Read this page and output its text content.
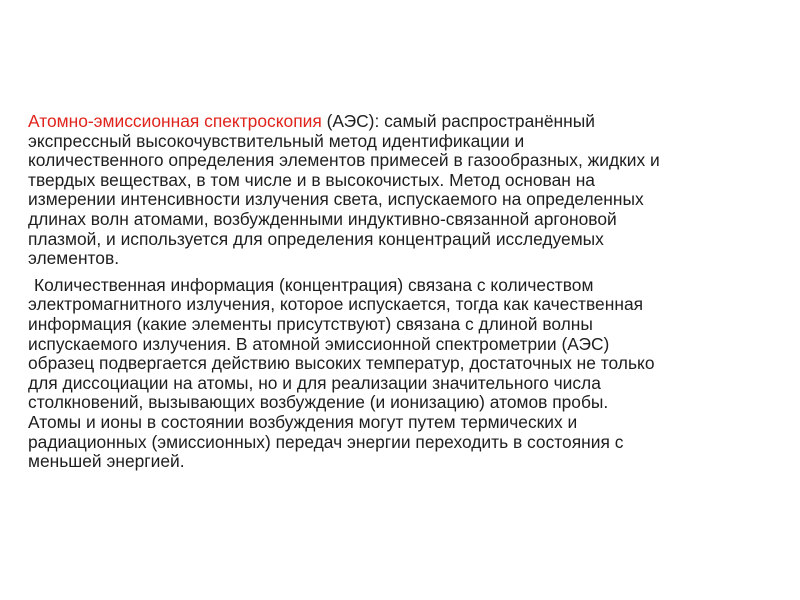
Атомно-эмиссионная спектроскопия (АЭС): самый распространённый
экспрессный высокочувствительный метод идентификации и
количественного определения элементов примесей в газообразных, жидких и
твердых веществах, в том числе и в высокочистых. Метод основан на
измерении интенсивности излучения света, испускаемого на определенных
длинах волн атомами, возбужденными индуктивно-связанной аргоновой
плазмой, и используется для определения концентраций исследуемых
элементов.

Количественная информация (концентрация) связана с количеством
электромагнитного излучения, которое испускается, тогда как качественная
информация (какие элементы присутствуют) связана с длиной волны
испускаемого излучения. В атомной эмиссионной спектрометрии (АЭС)
образец подвергается действию высоких температур, достаточных не только
для диссоциации на атомы, но и для реализации значительного числа
столкновений, вызывающих возбуждение (и ионизацию) атомов пробы.
Атомы и ионы в состоянии возбуждения могут путем термических и
радиационных (эмиссионных) передач энергии переходить в состояния с
меньшей энергией.
